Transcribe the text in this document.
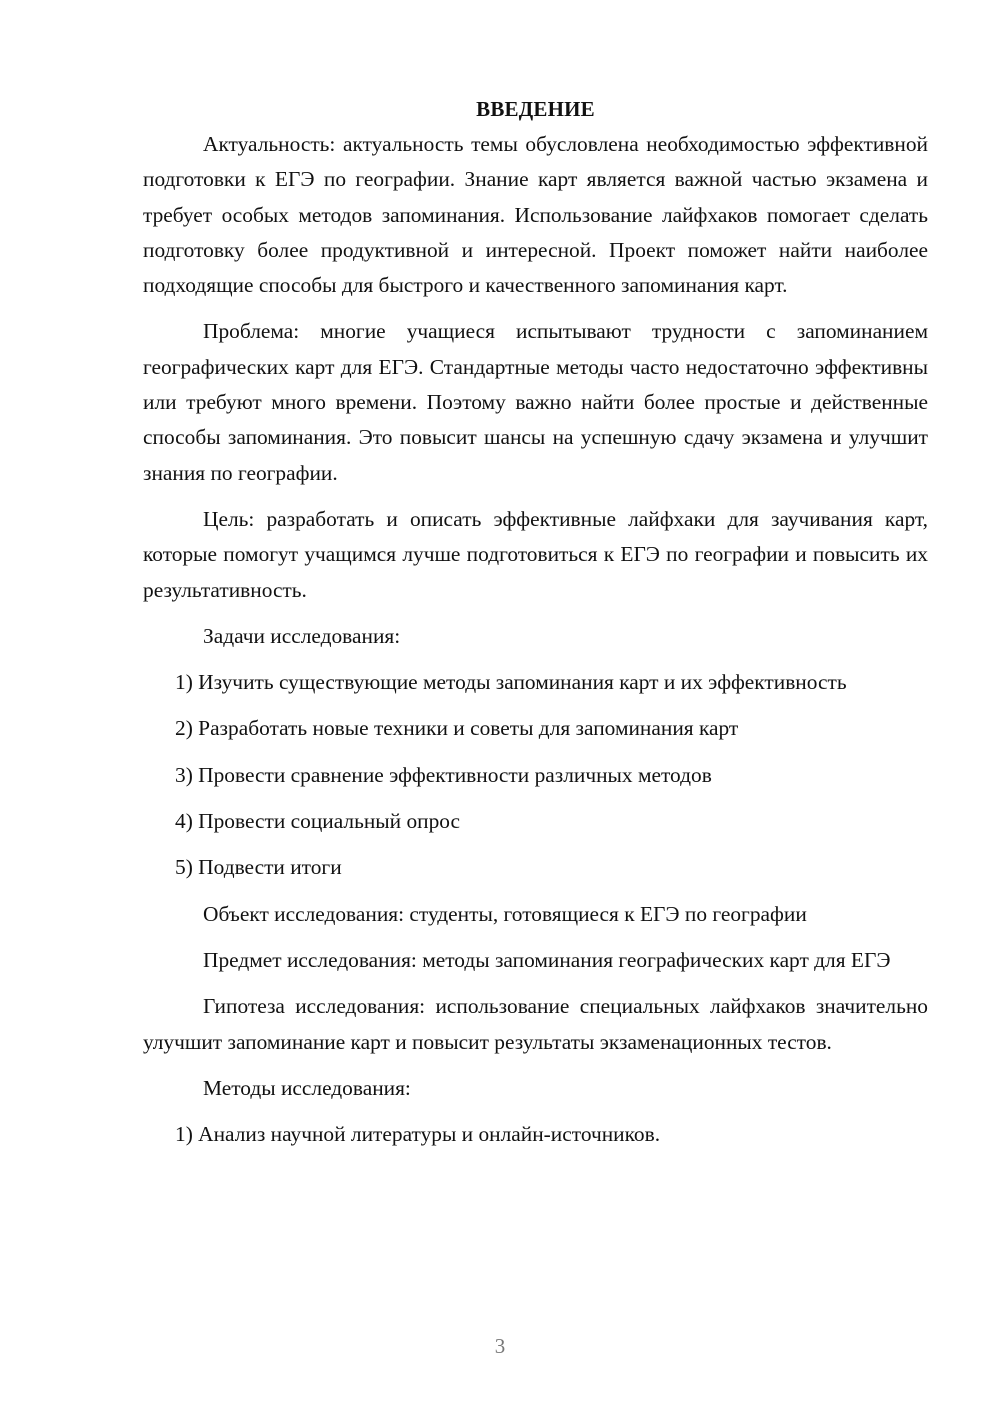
ВВЕДЕНИЕ

Актуальность: актуальность темы обусловлена необходимостью эффективной подготовки к ЕГЭ по географии. Знание карт является важной частью экзамена и требует особых методов запоминания. Использование лайфхаков помогает сделать подготовку более продуктивной и интересной. Проект поможет найти наиболее подходящие способы для быстрого и качественного запоминания карт.

Проблема: многие учащиеся испытывают трудности с запоминанием географических карт для ЕГЭ. Стандартные методы часто недостаточно эффективны или требуют много времени. Поэтому важно найти более простые и действенные способы запоминания. Это повысит шансы на успешную сдачу экзамена и улучшит знания по географии.

Цель: разработать и описать эффективные лайфхаки для заучивания карт, которые помогут учащимся лучше подготовиться к ЕГЭ по географии и повысить их результативность.

Задачи исследования:

1) Изучить существующие методы запоминания карт и их эффективность

2) Разработать новые техники и советы для запоминания карт

3) Провести сравнение эффективности различных методов

4) Провести социальный опрос

5) Подвести итоги

Объект исследования: студенты, готовящиеся к ЕГЭ по географии

Предмет исследования: методы запоминания географических карт для ЕГЭ

Гипотеза исследования: использование специальных лайфхаков значительно улучшит запоминание карт и повысит результаты экзаменационных тестов.

Методы исследования:

1) Анализ научной литературы и онлайн-источников.

3
